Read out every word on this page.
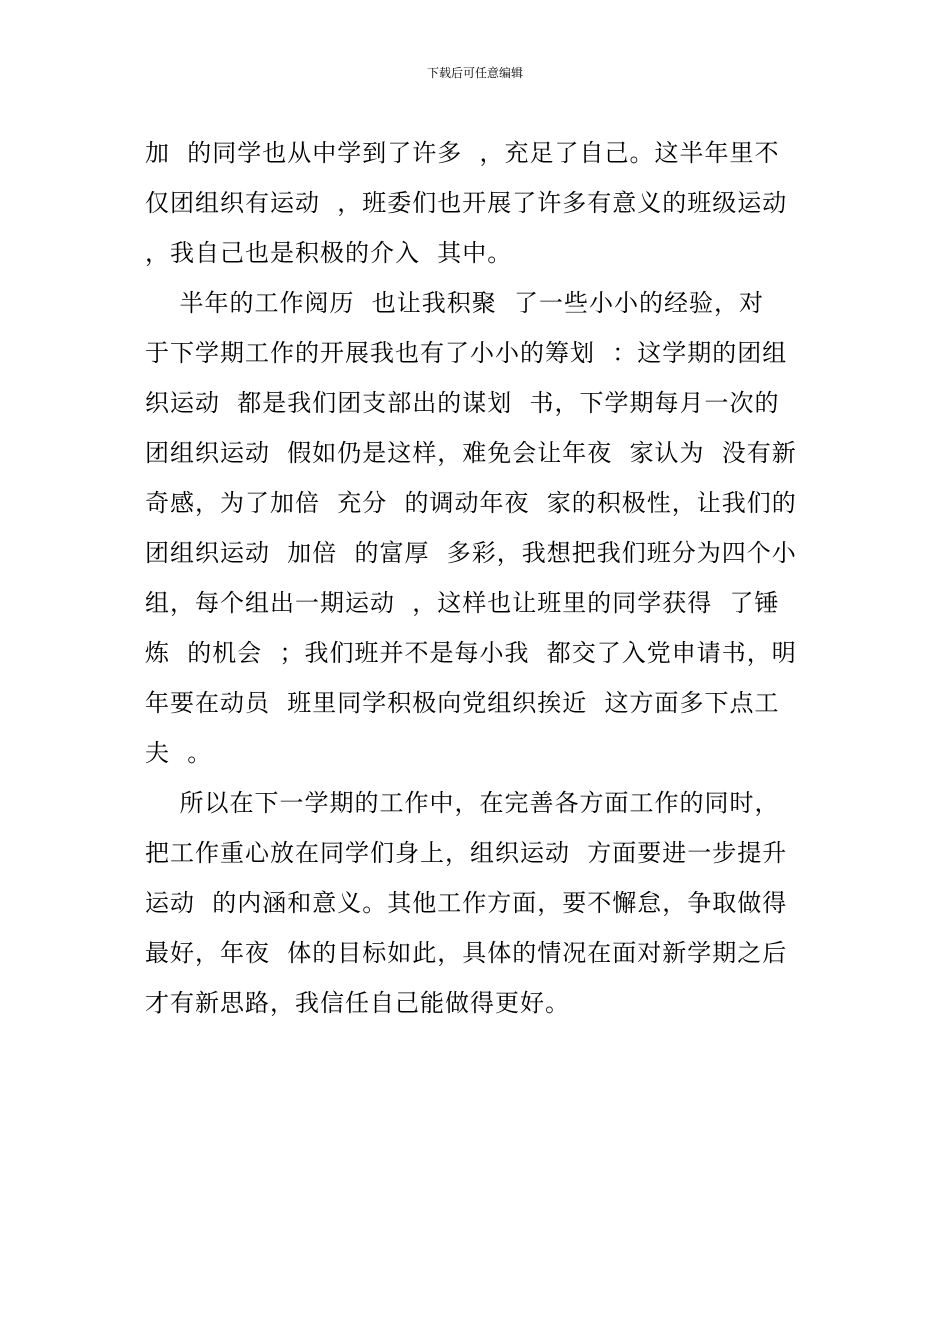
下载后可任意编辑
加  的同学也从中学到了许多  ，充足了自己。这半年里不
仅团组织有运动  ，班委们也开展了许多有意义的班级运动
，我自己也是积极的介入  其中。
半年的工作阅历  也让我积聚  了一些小小的经验，对
于下学期工作的开展我也有了小小的筹划  ：这学期的团组
织运动  都是我们团支部出的谋划  书，下学期每月一次的
团组织运动  假如仍是这样，难免会让年夜  家认为  没有新
奇感，为了加倍  充分  的调动年夜  家的积极性，让我们的
团组织运动  加倍  的富厚  多彩，我想把我们班分为四个小
组，每个组出一期运动  ，这样也让班里的同学获得  了锤
炼  的机会  ；我们班并不是每小我  都交了入党申请书，明
年要在动员  班里同学积极向党组织挨近  这方面多下点工
夫  。
所以在下一学期的工作中，在完善各方面工作的同时，
把工作重心放在同学们身上，组织运动  方面要进一步提升
运动  的内涵和意义。其他工作方面，要不懈怠，争取做得
最好，年夜  体的目标如此，具体的情况在面对新学期之后
才有新思路，我信任自己能做得更好。
